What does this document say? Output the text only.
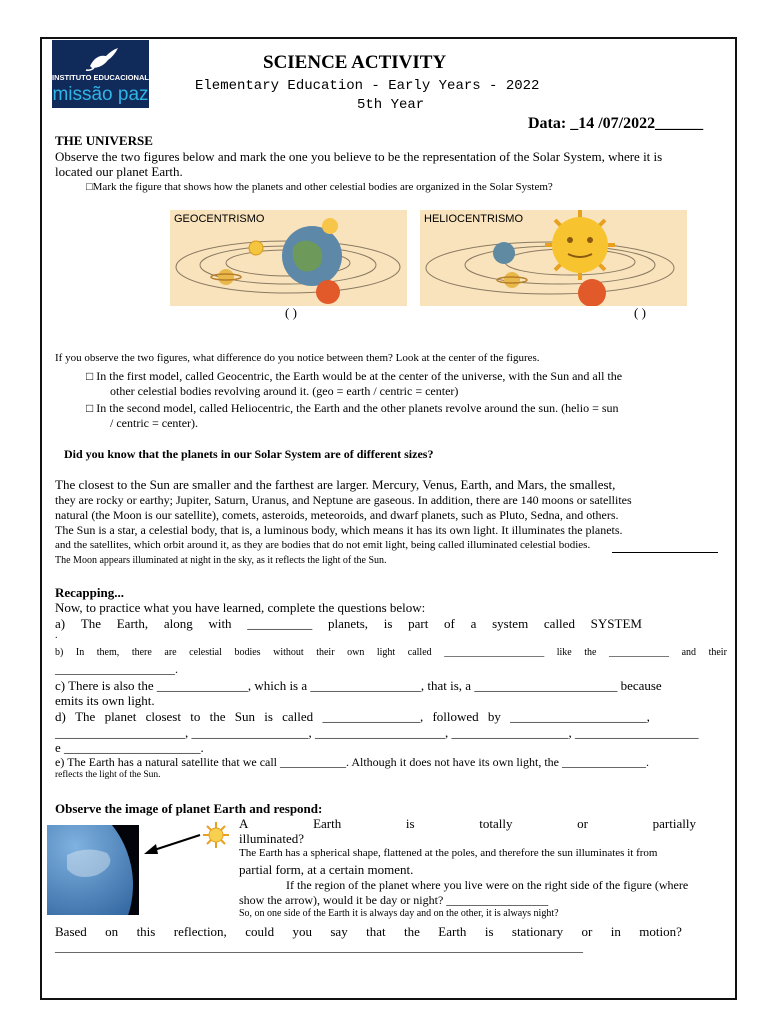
INSTITUTO EDUCACIONAL
missão paz
SCIENCE ACTIVITY
Elementary Education - Early Years - 2022
5th Year
Data: _14 /07/2022______
THE UNIVERSE
Observe the two figures below and mark the one you believe to be the representation of the Solar System, where it is
located our planet Earth.
□Mark the figure that shows how the planets and other celestial bodies are organized in the Solar System?
GEOCENTRISMO	HELIOCENTRISMO
( )	( )
If you observe the two figures, what difference do you notice between them? Look at the center of the figures.
□ In the first model, called Geocentric, the Earth would be at the center of the universe, with the Sun and all the
other celestial bodies revolving around it. (geo = earth / centric = center)
□ In the second model, called Heliocentric, the Earth and the other planets revolve around the sun. (helio = sun
/ centric = center).
Did you know that the planets in our Solar System are of different sizes?
The closest to the Sun are smaller and the farthest are larger. Mercury, Venus, Earth, and Mars, the smallest,
they are rocky or earthy; Jupiter, Saturn, Uranus, and Neptune are gaseous. In addition, there are 140 moons or satellites
natural (the Moon is our satellite), comets, asteroids, meteoroids, and dwarf planets, such as Pluto, Sedna, and others.
The Sun is a star, a celestial body, that is, a luminous body, which means it has its own light. It illuminates the planets.
and the satellites, which orbit around it, as they are bodies that do not emit light, being called illuminated celestial bodies.
The Moon appears illuminated at night in the sky, as it reflects the light of the Sun.
Recapping...
Now, to practice what you have learned, complete the questions below:
a) The Earth, along with __________ planets, is part of a system called SYSTEM
.
b) In them, there are celestial bodies without their own light called ____________________ like the ____________ and their
____________________.
c) There is also the ______________, which is a _________________, that is, a ______________________ because
emits its own light.
d) The planet closest to the Sun is called _______________, followed by _____________________,
____________________, __________________, ____________________, __________________, ___________________
e _____________________.
e) The Earth has a natural satellite that we call ___________. Although it does not have its own light, the ______________.
reflects the light of the Sun.
Observe the image of planet Earth and respond:
A	Earth	is	totally	or	partially
illuminated?
The Earth has a spherical shape, flattened at the poles, and therefore the sun illuminates it from
partial form, at a certain moment.
If the region of the planet where you live were on the right side of the figure (where
show the arrow), would it be day or night? _________________
So, on one side of the Earth it is always day and on the other, it is always night?
Based on this reflection, could you say that the Earth is stationary or in motion?
________________________________________________________________________________________
